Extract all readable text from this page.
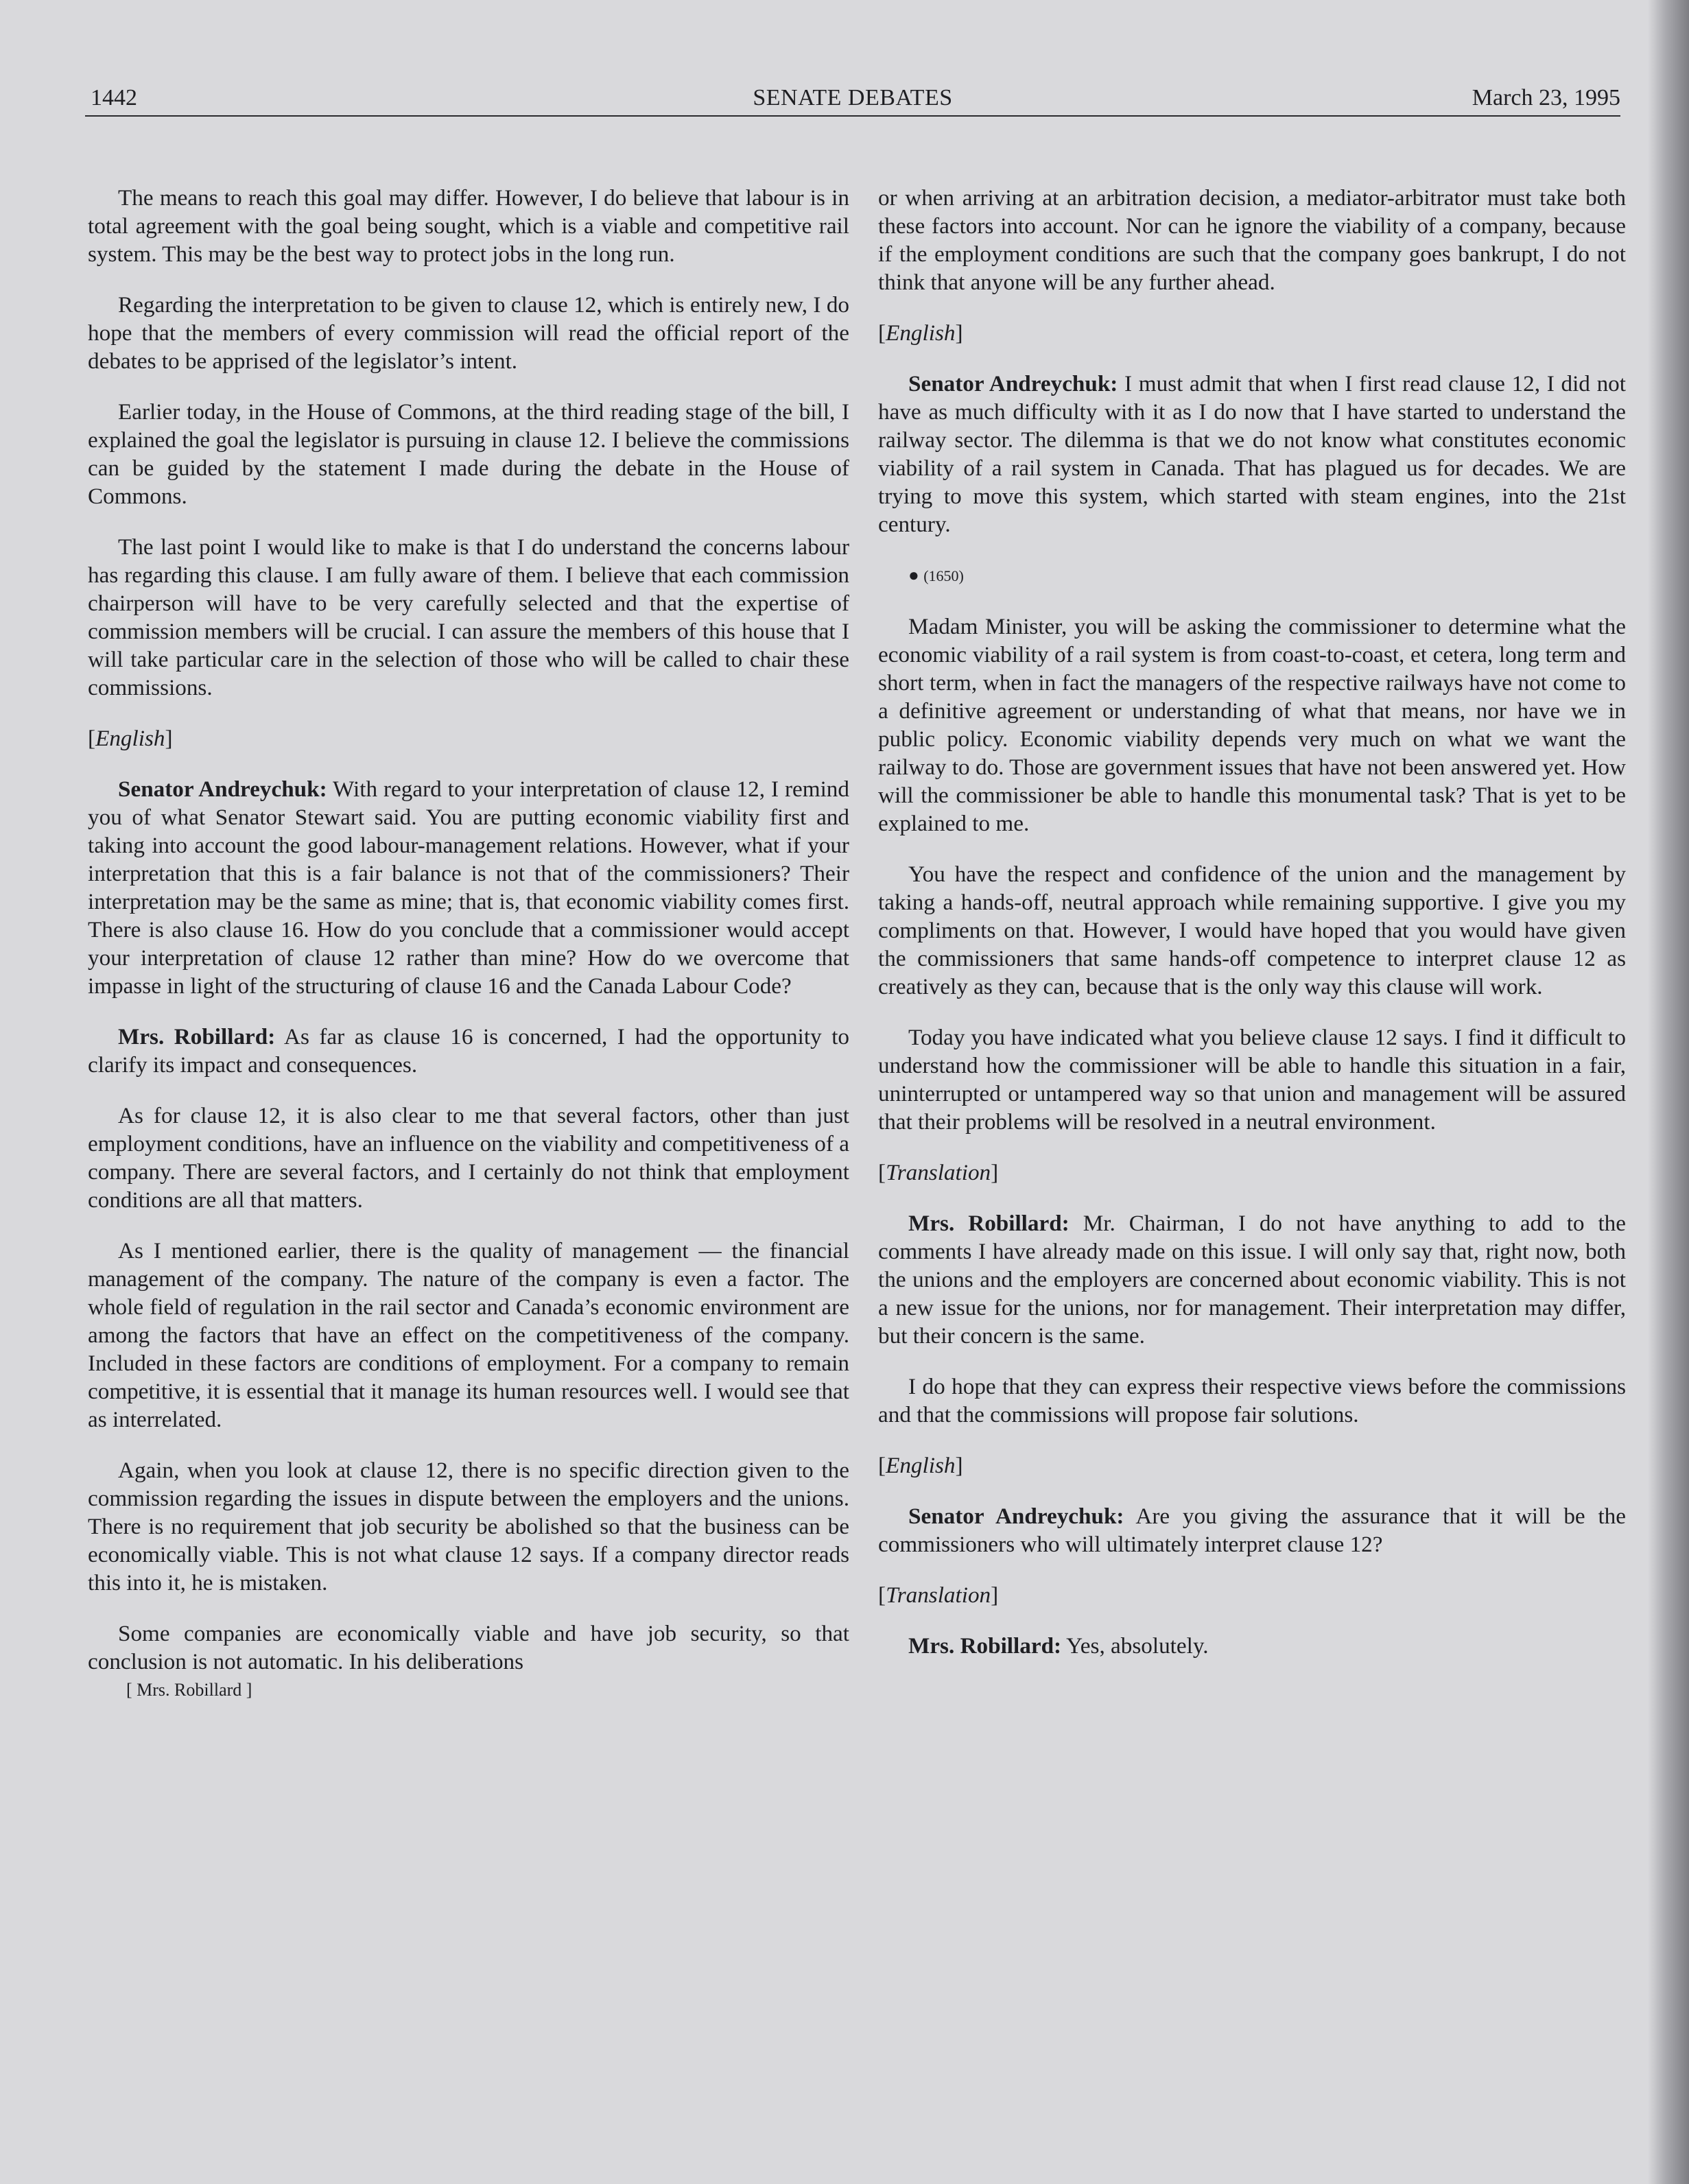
1442	SENATE DEBATES	March 23, 1995

The means to reach this goal may differ. However, I do believe that labour is in total agreement with the goal being sought, which is a viable and competitive rail system. This may be the best way to protect jobs in the long run.

Regarding the interpretation to be given to clause 12, which is entirely new, I do hope that the members of every commission will read the official report of the debates to be apprised of the legislator’s intent.

Earlier today, in the House of Commons, at the third reading stage of the bill, I explained the goal the legislator is pursuing in clause 12. I believe the commissions can be guided by the statement I made during the debate in the House of Commons.

The last point I would like to make is that I do understand the concerns labour has regarding this clause. I am fully aware of them. I believe that each commission chairperson will have to be very carefully selected and that the expertise of commission members will be crucial. I can assure the members of this house that I will take particular care in the selection of those who will be called to chair these commissions.

[English]

Senator Andreychuk: With regard to your interpretation of clause 12, I remind you of what Senator Stewart said. You are putting economic viability first and taking into account the good labour-management relations. However, what if your interpretation that this is a fair balance is not that of the commissioners? Their interpretation may be the same as mine; that is, that economic viability comes first. There is also clause 16. How do you conclude that a commissioner would accept your interpretation of clause 12 rather than mine? How do we overcome that impasse in light of the structuring of clause 16 and the Canada Labour Code?

Mrs. Robillard: As far as clause 16 is concerned, I had the opportunity to clarify its impact and consequences.

As for clause 12, it is also clear to me that several factors, other than just employment conditions, have an influence on the viability and competitiveness of a company. There are several factors, and I certainly do not think that employment conditions are all that matters.

As I mentioned earlier, there is the quality of management — the financial management of the company. The nature of the company is even a factor. The whole field of regulation in the rail sector and Canada’s economic environment are among the factors that have an effect on the competitiveness of the company. Included in these factors are conditions of employment. For a company to remain competitive, it is essential that it manage its human resources well. I would see that as interrelated.

Again, when you look at clause 12, there is no specific direction given to the commission regarding the issues in dispute between the employers and the unions. There is no requirement that job security be abolished so that the business can be economically viable. This is not what clause 12 says. If a company director reads this into it, he is mistaken.

Some companies are economically viable and have job security, so that conclusion is not automatic. In his deliberations

[ Mrs. Robillard ]

or when arriving at an arbitration decision, a mediator-arbitrator must take both these factors into account. Nor can he ignore the viability of a company, because if the employment conditions are such that the company goes bankrupt, I do not think that anyone will be any further ahead.

[English]

Senator Andreychuk: I must admit that when I first read clause 12, I did not have as much difficulty with it as I do now that I have started to understand the railway sector. The dilemma is that we do not know what constitutes economic viability of a rail system in Canada. That has plagued us for decades. We are trying to move this system, which started with steam engines, into the 21st century.

● (1650)

Madam Minister, you will be asking the commissioner to determine what the economic viability of a rail system is from coast-to-coast, et cetera, long term and short term, when in fact the managers of the respective railways have not come to a definitive agreement or understanding of what that means, nor have we in public policy. Economic viability depends very much on what we want the railway to do. Those are government issues that have not been answered yet. How will the commissioner be able to handle this monumental task? That is yet to be explained to me.

You have the respect and confidence of the union and the management by taking a hands-off, neutral approach while remaining supportive. I give you my compliments on that. However, I would have hoped that you would have given the commissioners that same hands-off competence to interpret clause 12 as creatively as they can, because that is the only way this clause will work.

Today you have indicated what you believe clause 12 says. I find it difficult to understand how the commissioner will be able to handle this situation in a fair, uninterrupted or untampered way so that union and management will be assured that their problems will be resolved in a neutral environment.

[Translation]

Mrs. Robillard: Mr. Chairman, I do not have anything to add to the comments I have already made on this issue. I will only say that, right now, both the unions and the employers are concerned about economic viability. This is not a new issue for the unions, nor for management. Their interpretation may differ, but their concern is the same.

I do hope that they can express their respective views before the commissions and that the commissions will propose fair solutions.

[English]

Senator Andreychuk: Are you giving the assurance that it will be the commissioners who will ultimately interpret clause 12?

[Translation]

Mrs. Robillard: Yes, absolutely.
